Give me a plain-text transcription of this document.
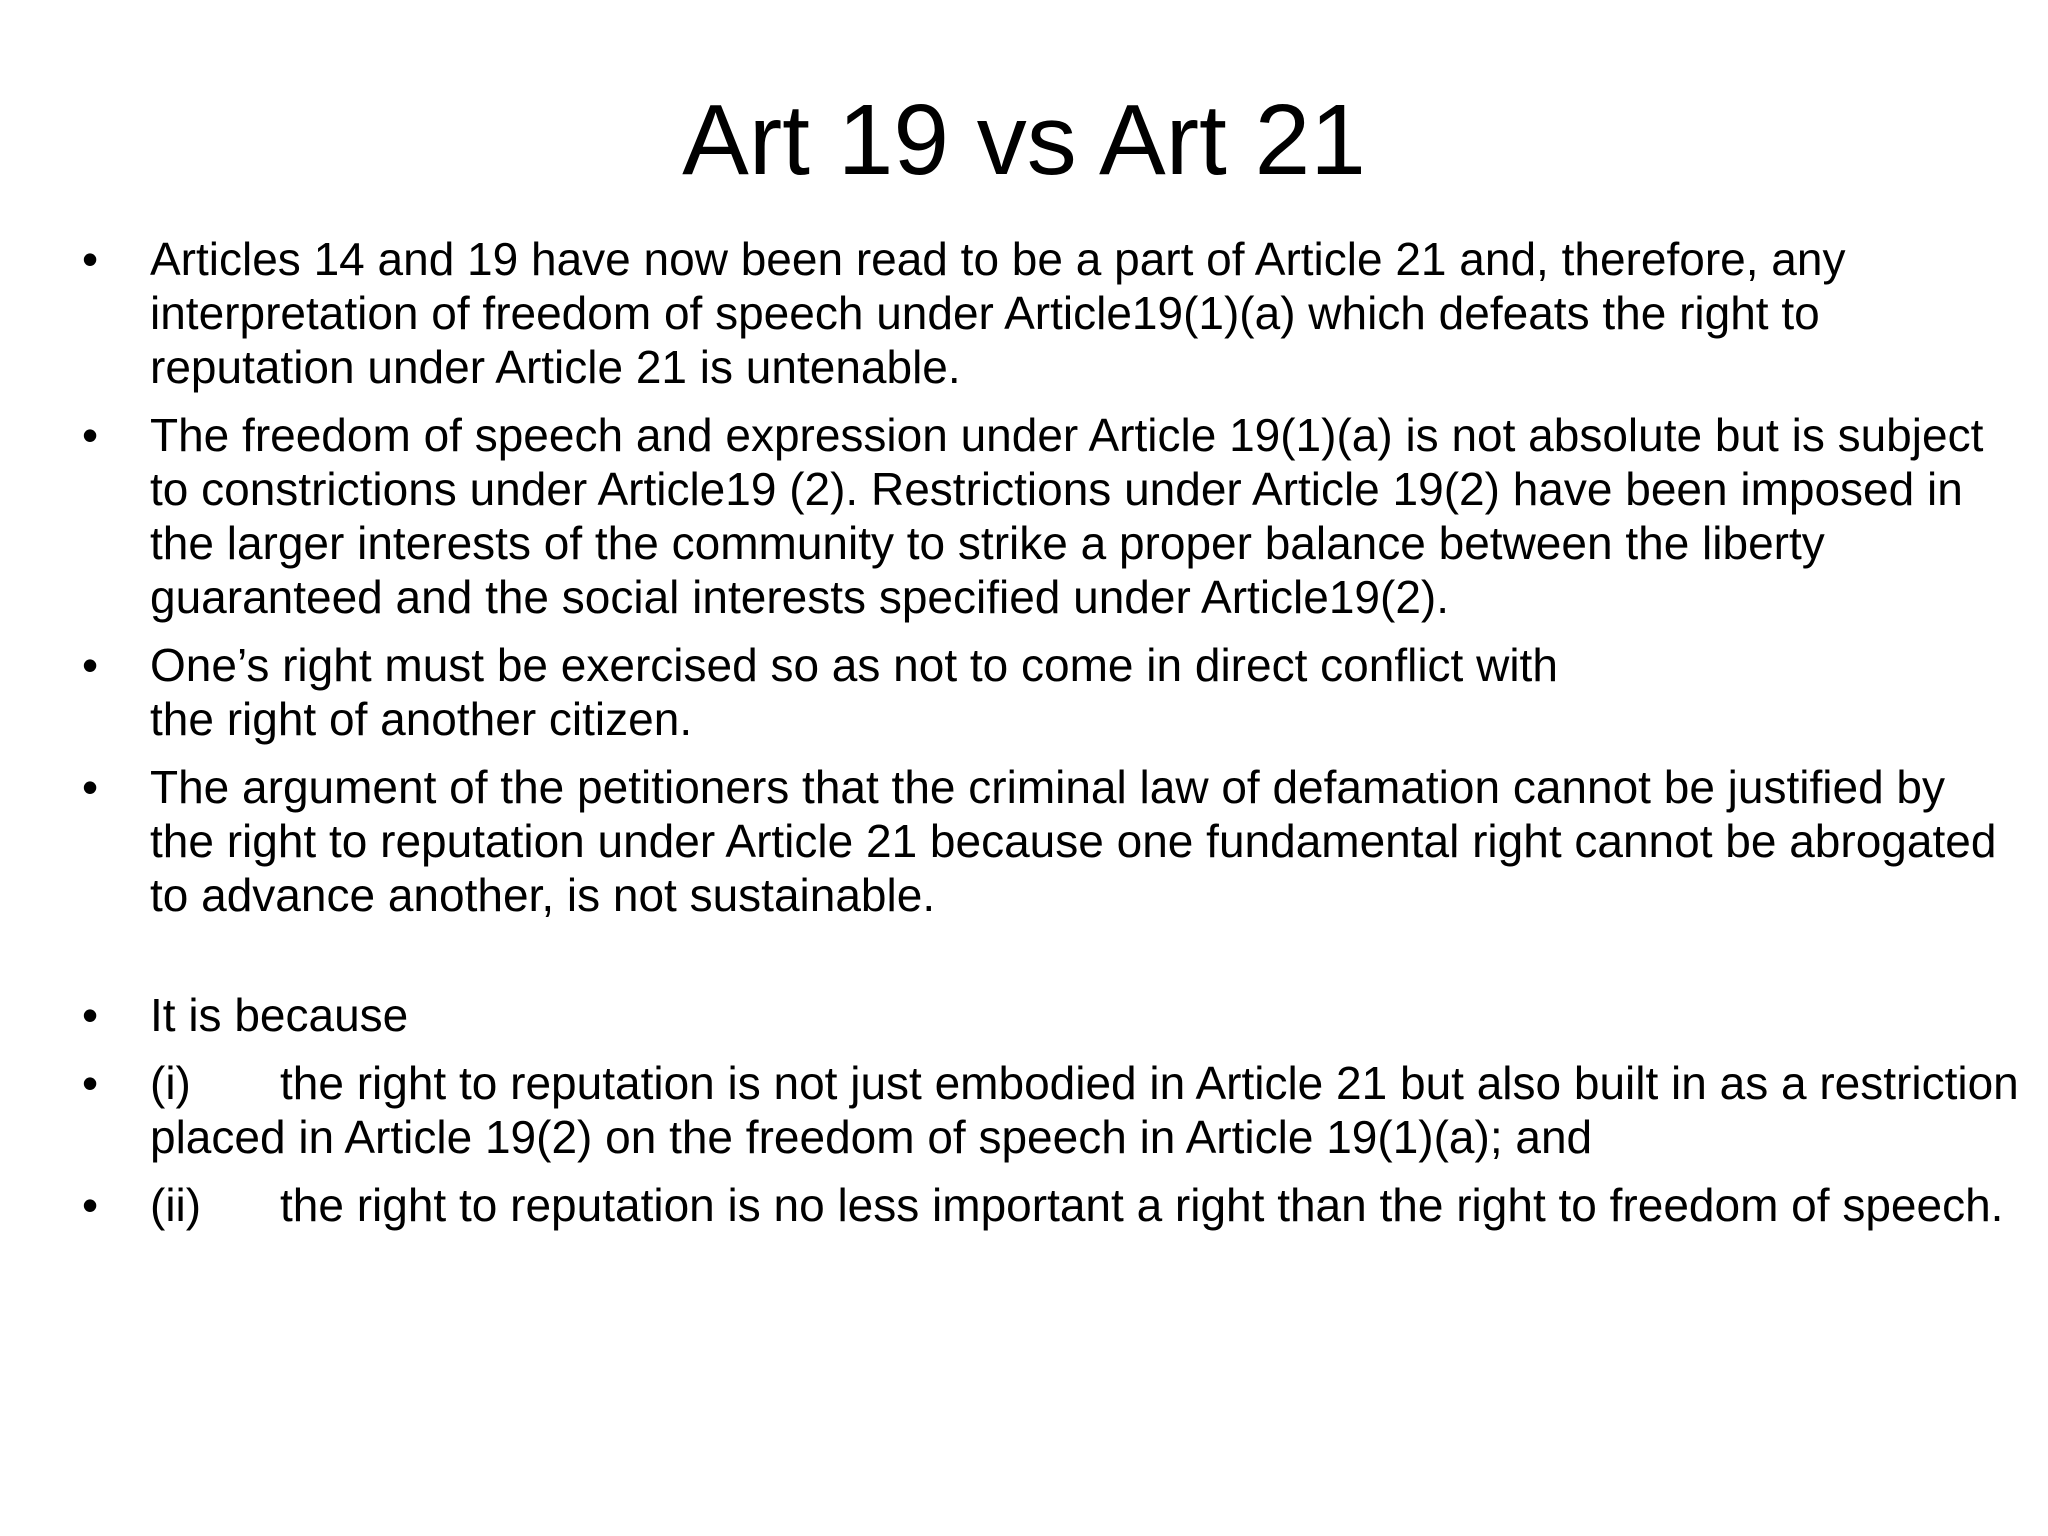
Art 19 vs Art 21
• Articles 14 and 19 have now been read to be a part of Article 21 and, therefore, any interpretation of freedom of speech under Article19(1)(a) which defeats the right to reputation under Article 21 is untenable.
• The freedom of speech and expression under Article 19(1)(a) is not absolute but is subject to constrictions under Article19 (2). Restrictions under Article 19(2) have been imposed in the larger interests of the community to strike a proper balance between the liberty guaranteed and the social interests specified under Article19(2).
• One’s right must be exercised so as not to come in direct conflict with
the right of another citizen.
• The argument of the petitioners that the criminal law of defamation cannot be justified by the right to reputation under Article 21 because one fundamental right cannot be abrogated to advance another, is not sustainable.
• It is because
• (i) the right to reputation is not just embodied in Article 21 but also built in as a restriction placed in Article 19(2) on the freedom of speech in Article 19(1)(a); and
• (ii) the right to reputation is no less important a right than the right to freedom of speech.
